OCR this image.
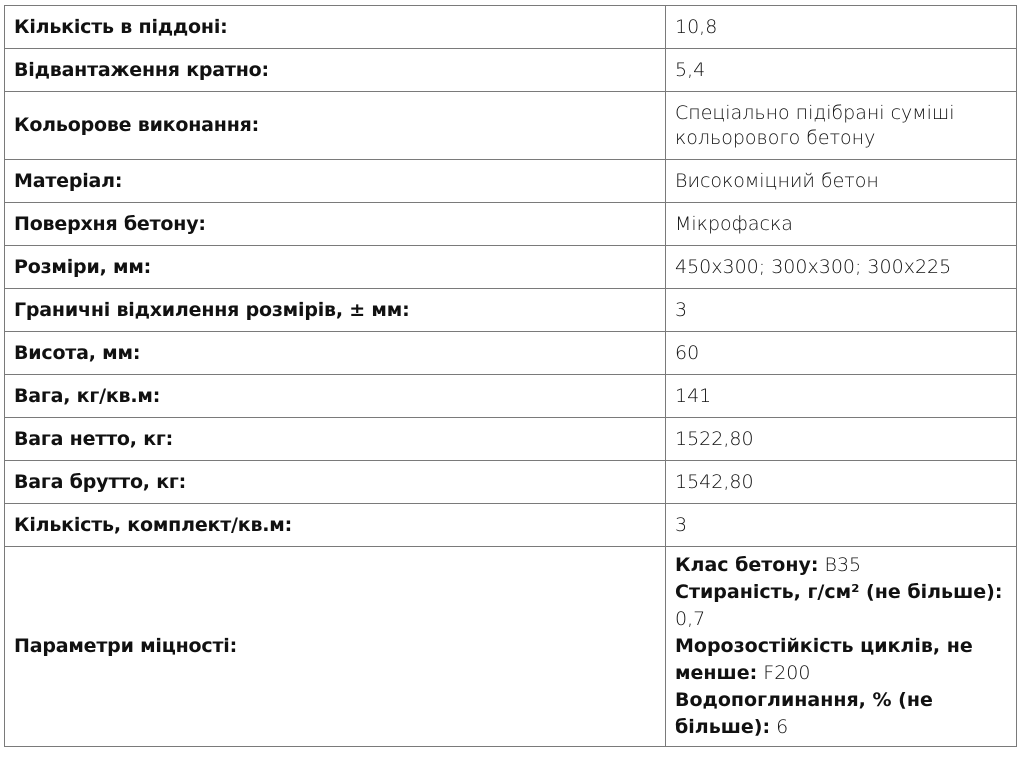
Кількість в піддоні:	10,8
Відвантаження кратно:	5,4
Кольорове виконання:	Спеціально підібрані суміші кольорового бетону
Матеріал:	Високоміцний бетон
Поверхня бетону:	Мікрофаска
Розміри, мм:	450x300; 300x300; 300x225
Граничні відхилення розмірів, ± мм:	3
Висота, мм:	60
Вага, кг/кв.м:	141
Вага нетто, кг:	1522,80
Вага брутто, кг:	1542,80
Кількість, комплект/кв.м:	3
Параметри міцності:	Клас бетону: В35
Стиранiсть, г/см² (не більше): 0,7
Морозостійкість циклів, не менше: F200
Водопоглинання, % (не більше): 6
